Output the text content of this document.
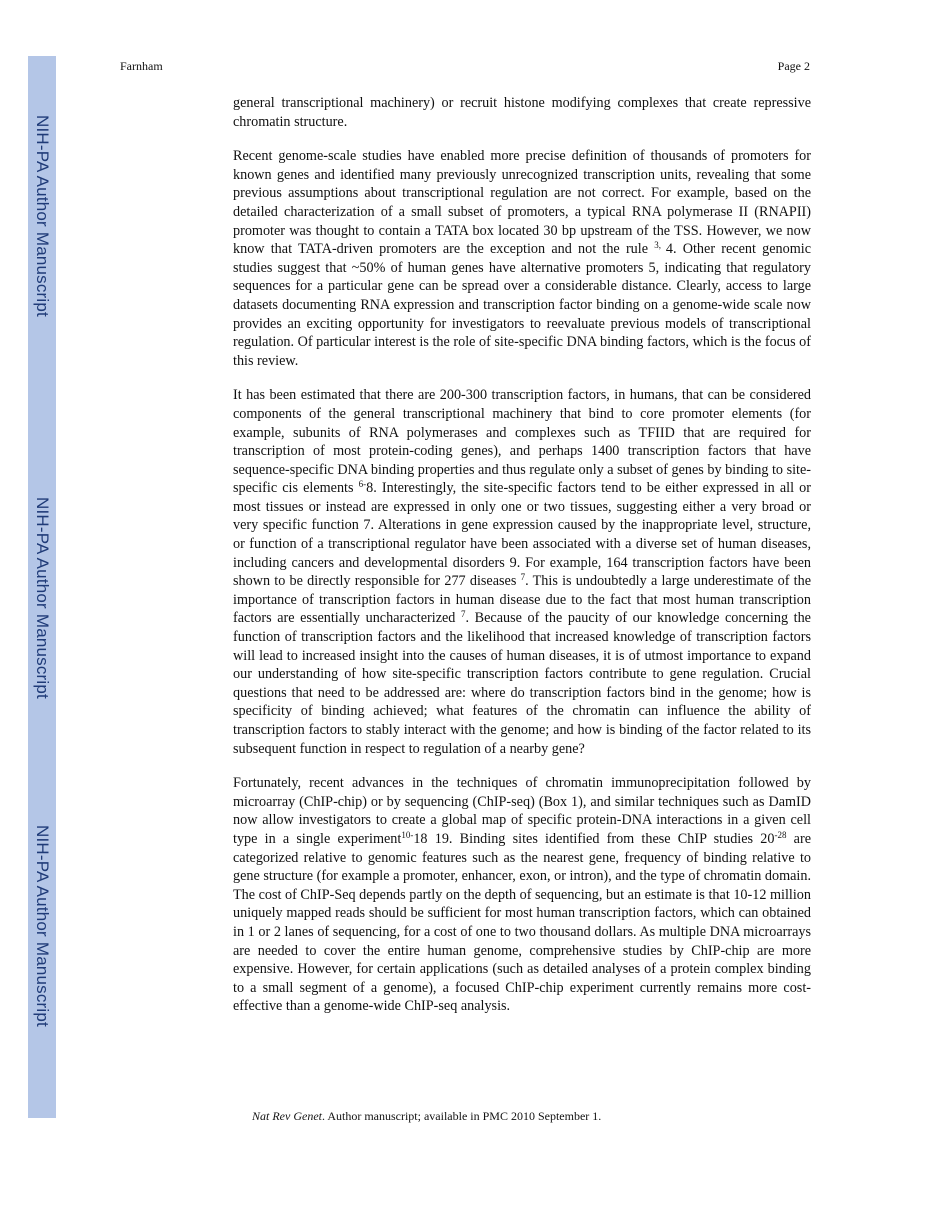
NIH-PA Author Manuscript
NIH-PA Author Manuscript
NIH-PA Author Manuscript
Farnham	Page 2

general transcriptional machinery) or recruit histone modifying complexes that create repressive chromatin structure.

Recent genome-scale studies have enabled more precise definition of thousands of promoters for known genes and identified many previously unrecognized transcription units, revealing that some previous assumptions about transcriptional regulation are not correct. For example, based on the detailed characterization of a small subset of promoters, a typical RNA polymerase II (RNAPII) promoter was thought to contain a TATA box located 30 bp upstream of the TSS. However, we now know that TATA-driven promoters are the exception and not the rule $^{3,}$ 4. Other recent genomic studies suggest that ~50% of human genes have alternative promoters 5, indicating that regulatory sequences for a particular gene can be spread over a considerable distance. Clearly, access to large datasets documenting RNA expression and transcription factor binding on a genome-wide scale now provides an exciting opportunity for investigators to reevaluate previous models of transcriptional regulation. Of particular interest is the role of site-specific DNA binding factors, which is the focus of this review.

It has been estimated that there are 200-300 transcription factors, in humans, that can be considered components of the general transcriptional machinery that bind to core promoter elements (for example, subunits of RNA polymerases and complexes such as TFIID that are required for transcription of most protein-coding genes), and perhaps 1400 transcription factors that have sequence-specific DNA binding properties and thus regulate only a subset of genes by binding to site-specific cis elements $^{6-}$8. Interestingly, the site-specific factors tend to be either expressed in all or most tissues or instead are expressed in only one or two tissues, suggesting either a very broad or very specific function 7. Alterations in gene expression caused by the inappropriate level, structure, or function of a transcriptional regulator have been associated with a diverse set of human diseases, including cancers and developmental disorders 9. For example, 164 transcription factors have been shown to be directly responsible for 277 diseases $^7$. This is undoubtedly a large underestimate of the importance of transcription factors in human disease due to the fact that most human transcription factors are essentially uncharacterized $^7$. Because of the paucity of our knowledge concerning the function of transcription factors and the likelihood that increased knowledge of transcription factors will lead to increased insight into the causes of human diseases, it is of utmost importance to expand our understanding of how site-specific transcription factors contribute to gene regulation. Crucial questions that need to be addressed are: where do transcription factors bind in the genome; how is specificity of binding achieved; what features of the chromatin can influence the ability of transcription factors to stably interact with the genome; and how is binding of the factor related to its subsequent function in respect to regulation of a nearby gene?

Fortunately, recent advances in the techniques of chromatin immunoprecipitation followed by microarray (ChIP-chip) or by sequencing (ChIP-seq) (Box 1), and similar techniques such as DamID now allow investigators to create a global map of specific protein-DNA interactions in a given cell type in a single experiment$^{10-}$18 19. Binding sites identified from these ChIP studies $20^{-28}$ are categorized relative to genomic features such as the nearest gene, frequency of binding relative to gene structure (for example a promoter, enhancer, exon, or intron), and the type of chromatin domain. The cost of ChIP-Seq depends partly on the depth of sequencing, but an estimate is that 10-12 million uniquely mapped reads should be sufficient for most human transcription factors, which can obtained in 1 or 2 lanes of sequencing, for a cost of one to two thousand dollars. As multiple DNA microarrays are needed to cover the entire human genome, comprehensive studies by ChIP-chip are more expensive. However, for certain applications (such as detailed analyses of a protein complex binding to a small segment of a genome), a focused ChIP-chip experiment currently remains more cost-effective than a genome-wide ChIP-seq analysis.

Nat Rev Genet. Author manuscript; available in PMC 2010 September 1.
